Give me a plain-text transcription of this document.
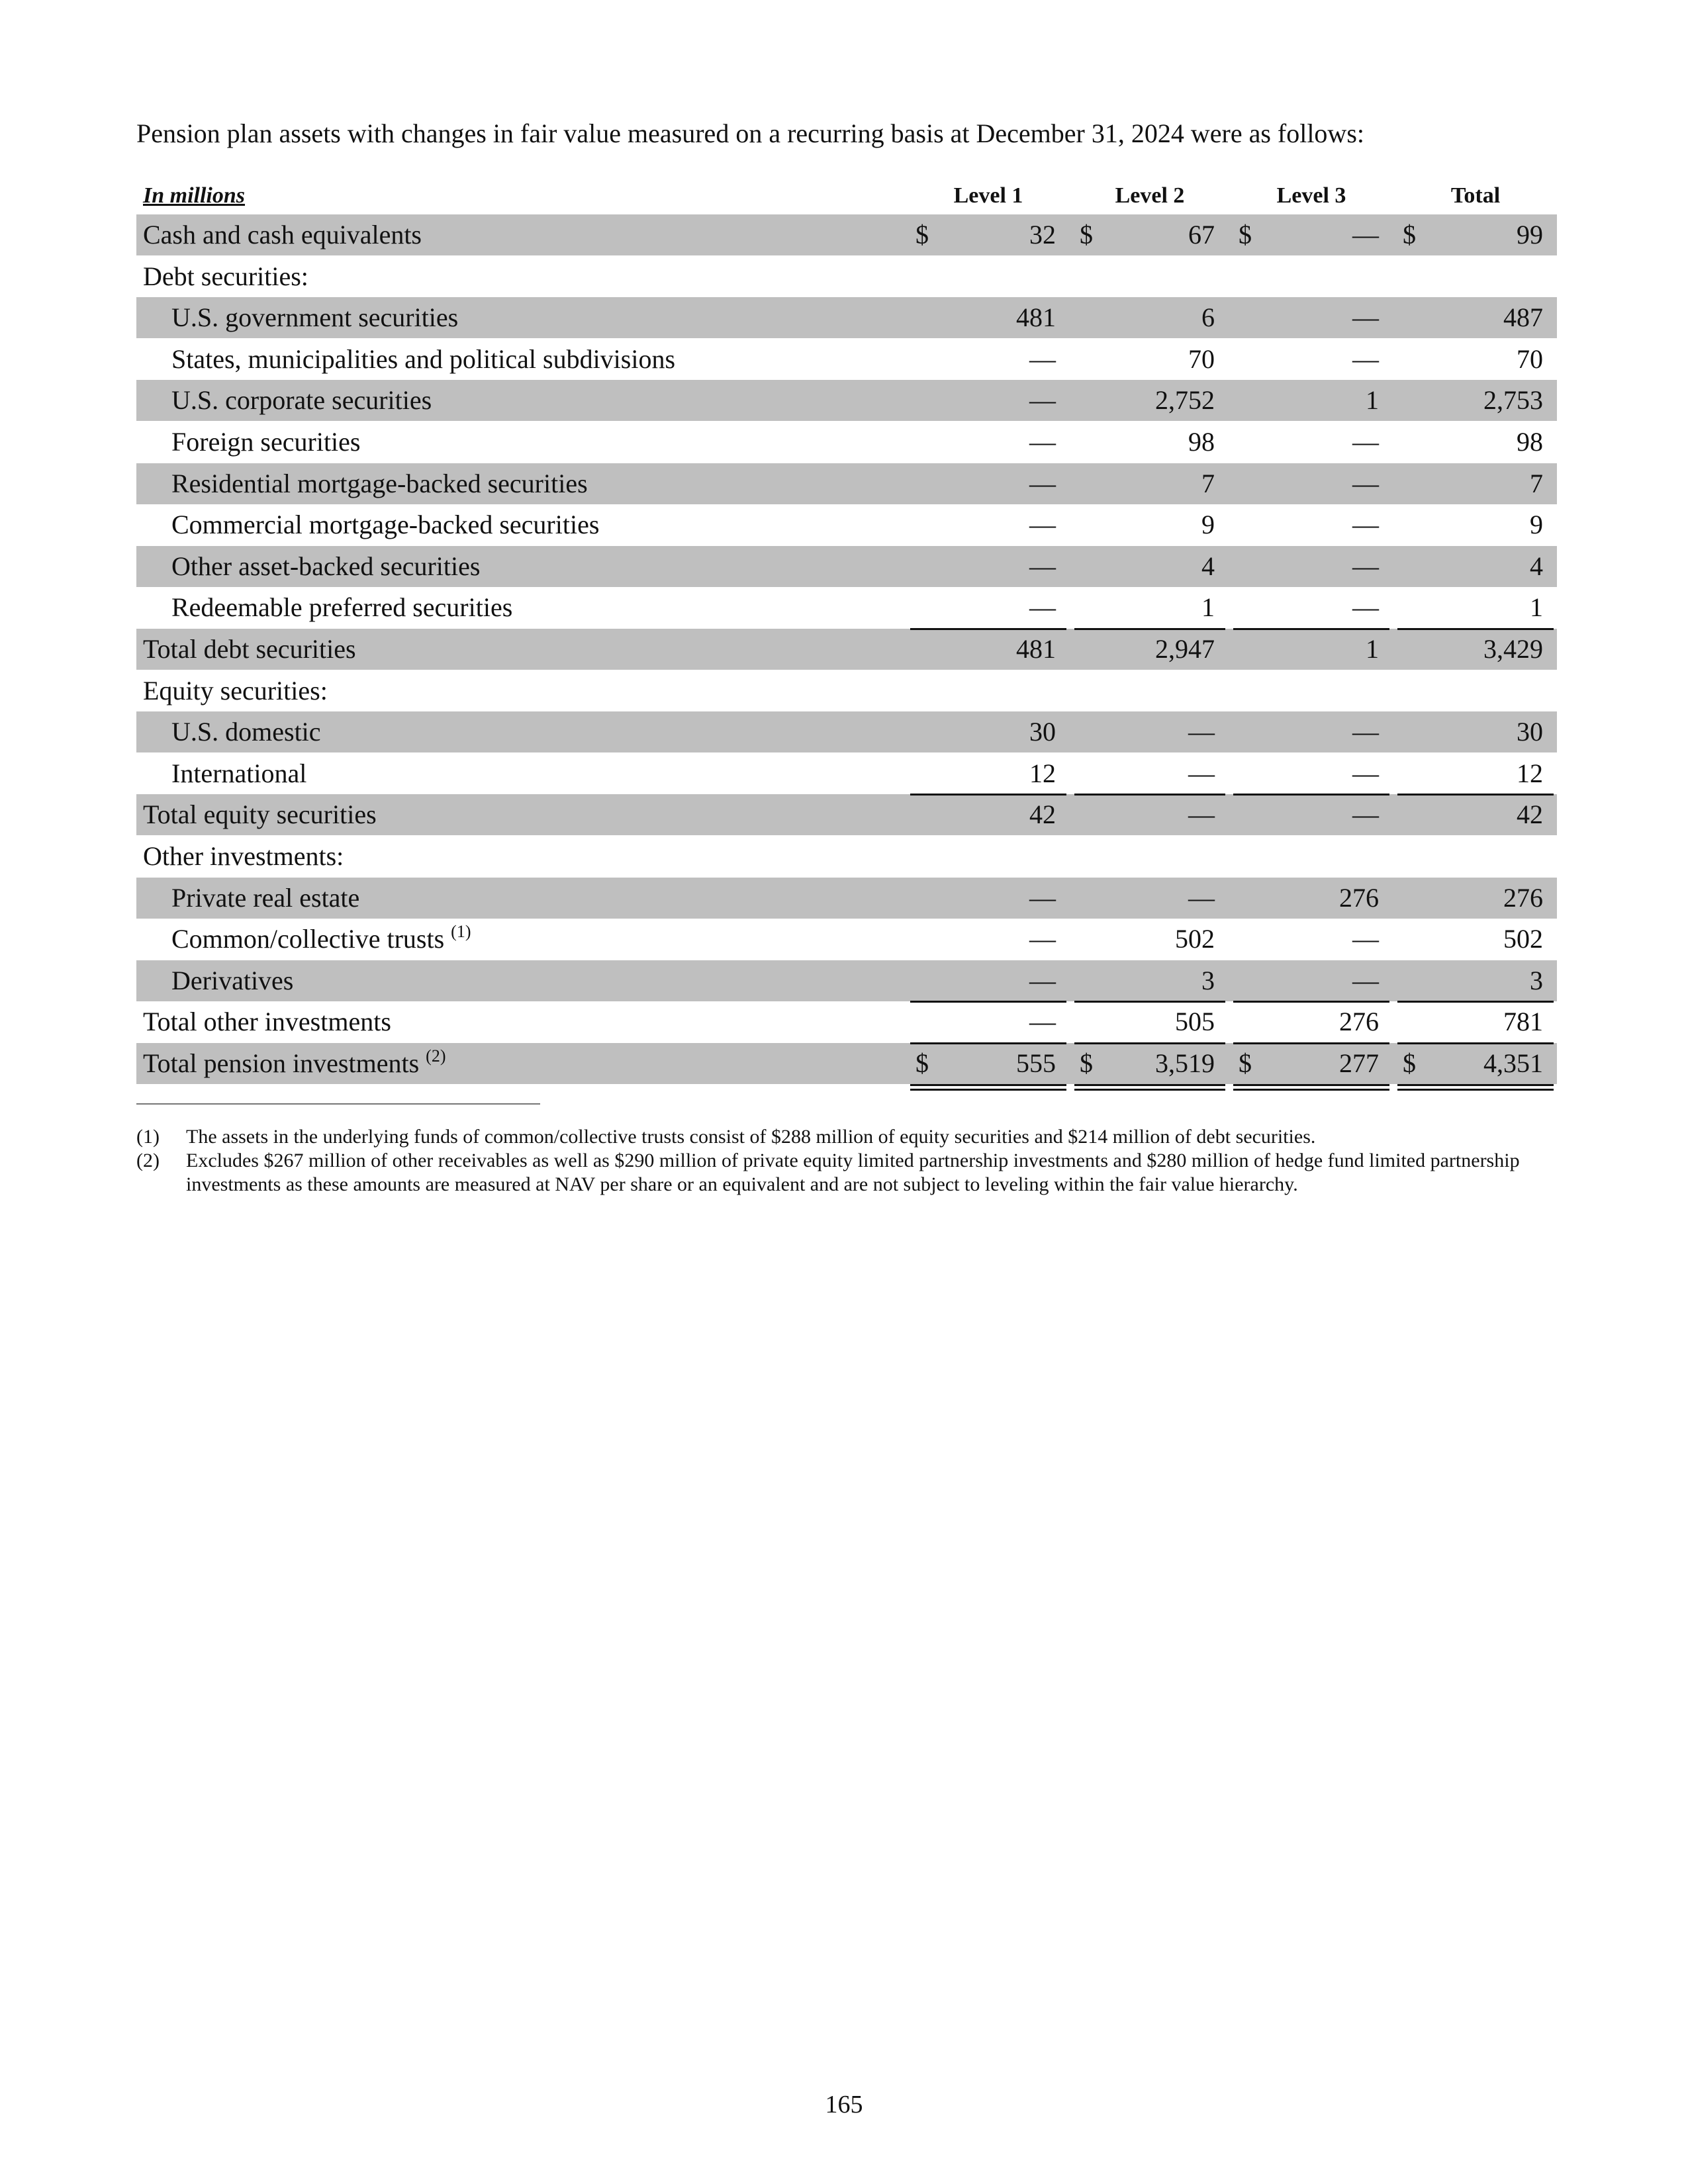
Pension plan assets with changes in fair value measured on a recurring basis at December 31, 2024 were as follows:
In millions	Level 1	Level 2	Level 3	Total
Cash and cash equivalents	$	32 $	67 $	— $	99
Debt securities:
U.S. government securities	481	6	—	487
States, municipalities and political subdivisions	—	70	—	70
U.S. corporate securities	—	2,752	1	2,753
Foreign securities	—	98	—	98
Residential mortgage-backed securities	—	7	—	7
Commercial mortgage-backed securities	—	9	—	9
Other asset-backed securities	—	4	—	4
Redeemable preferred securities	—	1	—	1
Total debt securities	481	2,947	1	3,429
Equity securities:
U.S. domestic	30	—	—	30
International	12	—	—	12
Total equity securities	42	—	—	42
Other investments:
Private real estate	—	—	276	276
Common/collective trusts $^{(1)}$	—	502	—	502
Derivatives	—	3	—	3
Total other investments	—	505	276	781
Total pension investments $^{(2)}$	$	555 $ 3,519 $	277 $	4,351
(1) The assets in the underlying funds of common/collective trusts consist of $288 million of equity securities and $214 million of debt securities.
(2) Excludes $267 million of other receivables as well as $290 million of private equity limited partnership investments and $280 million of hedge fund limited partnership investments as these amounts are measured at NAV per share or an equivalent and are not subject to leveling within the fair value hierarchy.
165
